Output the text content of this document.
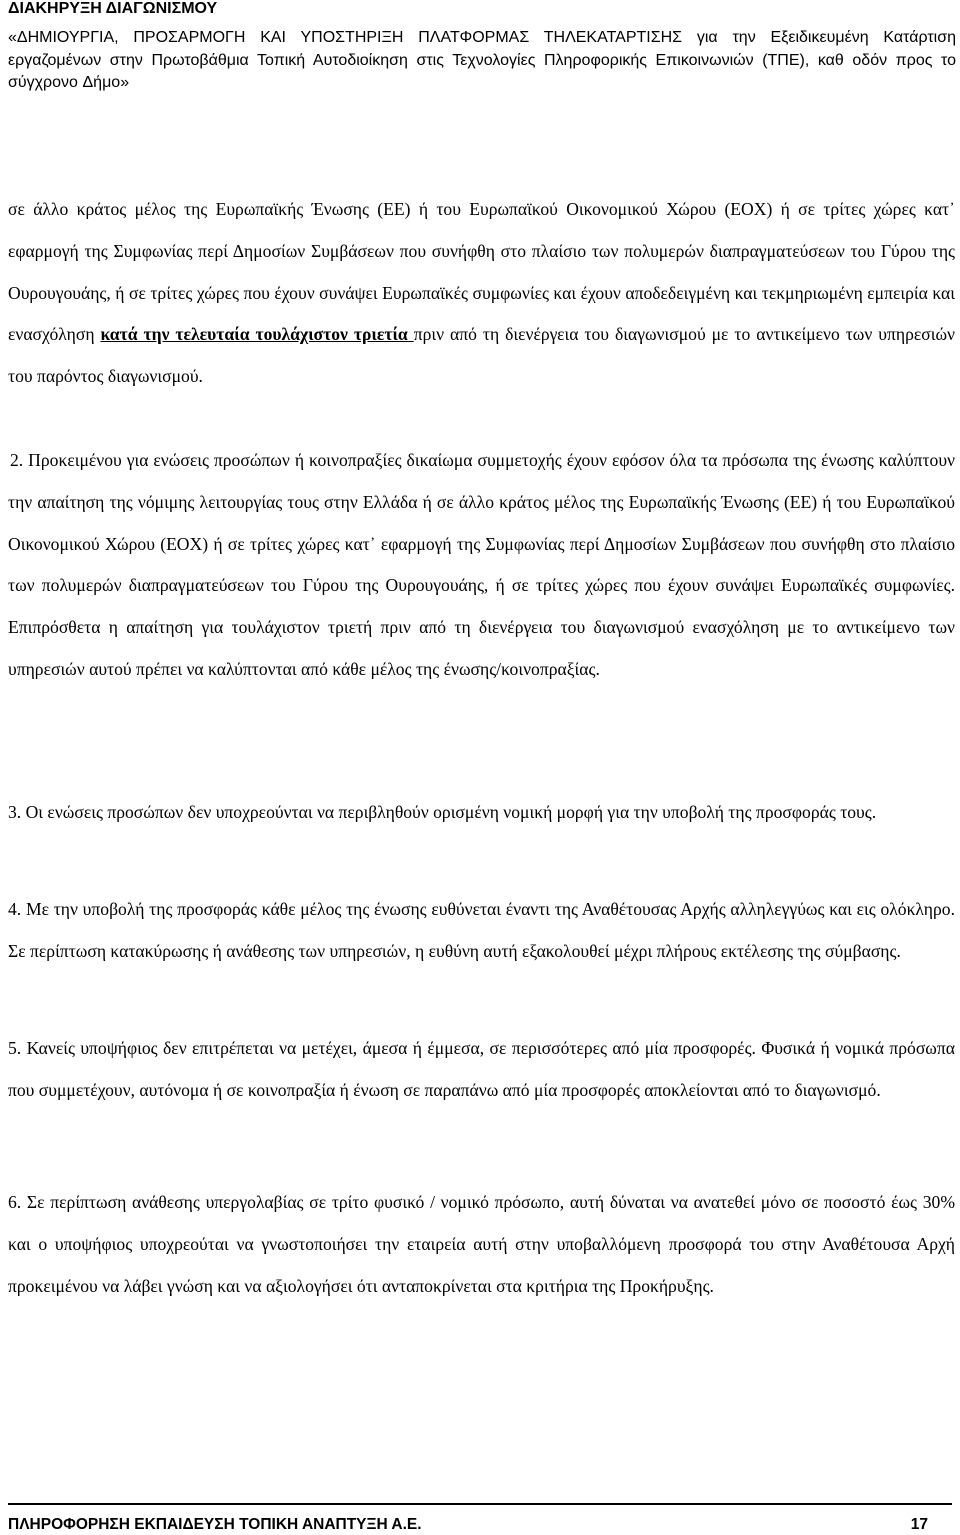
ΔΙΑΚΗΡΥΞΗ ΔΙΑΓΩΝΙΣΜΟΥ
«ΔΗΜΙΟΥΡΓΙΑ, ΠΡΟΣΑΡΜΟΓΗ ΚΑΙ ΥΠΟΣΤΗΡΙΞΗ ΠΛΑΤΦΟΡΜΑΣ ΤΗΛΕΚΑΤΑΡΤΙΣΗΣ για την Εξειδικευμένη Κατάρτιση εργαζομένων στην Πρωτοβάθμια Τοπική Αυτοδιοίκηση στις Τεχνολογίες Πληροφορικής Επικοινωνιών (ΤΠΕ), καθ οδόν προς το σύγχρονο Δήμο»

σε άλλο κράτος μέλος της Ευρωπαϊκής Ένωσης (ΕΕ) ή του Ευρωπαϊκού Οικονομικού Χώρου (ΕΟΧ) ή σε τρίτες χώρες κατ᾽ εφαρμογή της Συμφωνίας περί Δημοσίων Συμβάσεων που συνήφθη στο πλαίσιο των πολυμερών διαπραγματεύσεων του Γύρου της Ουρουγουάης, ή σε τρίτες χώρες που έχουν συνάψει Ευρωπαϊκές συμφωνίες και έχουν αποδεδειγμένη και τεκμηριωμένη εμπειρία και ενασχόληση κατά την τελευταία τουλάχιστον τριετία πριν από τη διενέργεια του διαγωνισμού με το αντικείμενο των υπηρεσιών του παρόντος διαγωνισμού.

2. Προκειμένου για ενώσεις προσώπων ή κοινοπραξίες δικαίωμα συμμετοχής έχουν εφόσον όλα τα πρόσωπα της ένωσης καλύπτουν την απαίτηση της νόμιμης λειτουργίας τους στην Ελλάδα ή σε άλλο κράτος μέλος της Ευρωπαϊκής Ένωσης (ΕΕ) ή του Ευρωπαϊκού Οικονομικού Χώρου (ΕΟΧ) ή σε τρίτες χώρες κατ᾽ εφαρμογή της Συμφωνίας περί Δημοσίων Συμβάσεων που συνήφθη στο πλαίσιο των πολυμερών διαπραγματεύσεων του Γύρου της Ουρουγουάης, ή σε τρίτες χώρες που έχουν συνάψει Ευρωπαϊκές συμφωνίες. Επιπρόσθετα η απαίτηση για τουλάχιστον τριετή πριν από τη διενέργεια του διαγωνισμού ενασχόληση με το αντικείμενο των υπηρεσιών αυτού πρέπει να καλύπτονται από κάθε μέλος της ένωσης/κοινοπραξίας.

3. Οι ενώσεις προσώπων δεν υποχρεούνται να περιβληθούν ορισμένη νομική μορφή για την υποβολή της προσφοράς τους.

4. Με την υποβολή της προσφοράς κάθε μέλος της ένωσης ευθύνεται έναντι της Αναθέτουσας Αρχής αλληλεγγύως και εις ολόκληρο. Σε περίπτωση κατακύρωσης ή ανάθεσης των υπηρεσιών, η ευθύνη αυτή εξακολουθεί μέχρι πλήρους εκτέλεσης της σύμβασης.

5. Κανείς υποψήφιος δεν επιτρέπεται να μετέχει, άμεσα ή έμμεσα, σε περισσότερες από μία προσφορές. Φυσικά ή νομικά πρόσωπα που συμμετέχουν, αυτόνομα ή σε κοινοπραξία ή ένωση σε παραπάνω από μία προσφορές αποκλείονται από το διαγωνισμό.

6. Σε περίπτωση ανάθεσης υπεργολαβίας σε τρίτο φυσικό / νομικό πρόσωπο, αυτή δύναται να ανατεθεί μόνο σε ποσοστό έως 30% και ο υποψήφιος υποχρεούται να γνωστοποιήσει την εταιρεία αυτή στην υποβαλλόμενη προσφορά του στην Αναθέτουσα Αρχή προκειμένου να λάβει γνώση και να αξιολογήσει ότι ανταποκρίνεται στα κριτήρια της Προκήρυξης.

ΠΛΗΡΟΦΟΡΗΣΗ ΕΚΠΑΙΔΕΥΣΗ ΤΟΠΙΚΗ ΑΝΑΠΤΥΞΗ Α.Ε.	17
